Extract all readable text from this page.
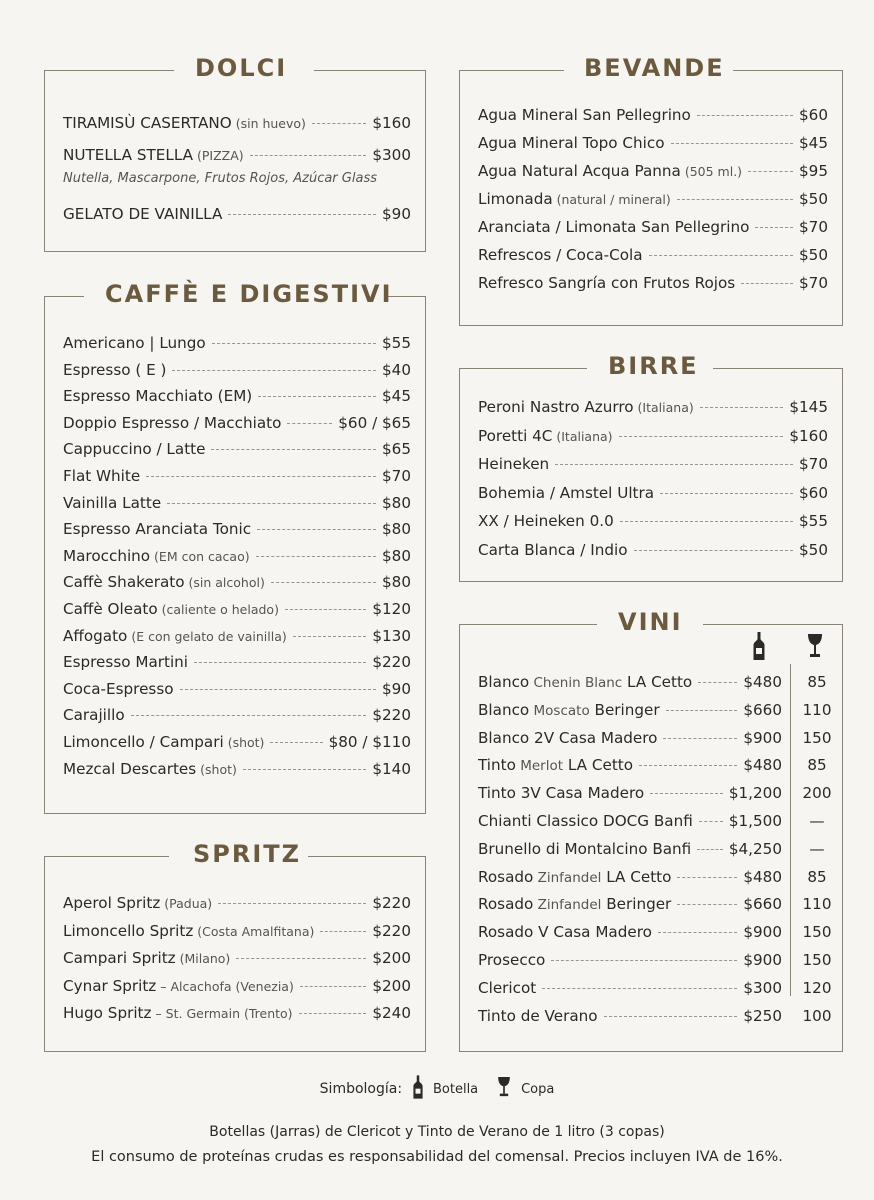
DOLCI
TIRAMISÙ CASERTANO (sin huevo)	$160
NUTELLA STELLA (PIZZA)	$300
Nutella, Mascarpone, Frutos Rojos, Azúcar Glass
GELATO DE VAINILLA	$90
CAFFÈ E DIGESTIVI
Americano | Lungo	$55
Espresso ( E )	$40
Espresso Macchiato (EM)	$45
Doppio Espresso / Macchiato	$60 / $65
Cappuccino / Latte	$65
Flat White	$70
Vainilla Latte	$80
Espresso Aranciata Tonic	$80
Marocchino (EM con cacao)	$80
Caffè Shakerato (sin alcohol)	$80
Caffè Oleato (caliente o helado)	$120
Affogato (E con gelato de vainilla)	$130
Espresso Martini	$220
Coca-Espresso	$90
Carajillo	$220
Limoncello / Campari (shot)	$80 / $110
Mezcal Descartes (shot)	$140
SPRITZ
Aperol Spritz (Padua)	$220
Limoncello Spritz (Costa Amalfitana)	$220
Campari Spritz (Milano)	$200
Cynar Spritz – Alcachofa (Venezia)	$200
Hugo Spritz – St. Germain (Trento)	$240
BEVANDE
Agua Mineral San Pellegrino	$60
Agua Mineral Topo Chico	$45
Agua Natural Acqua Panna (505 ml.)	$95
Limonada (natural / mineral)	$50
Aranciata / Limonata San Pellegrino	$70
Refrescos / Coca-Cola	$50
Refresco Sangría con Frutos Rojos	$70
BIRRE
Peroni Nastro Azurro (Italiana)	$145
Poretti 4C (Italiana)	$160
Heineken	$70
Bohemia / Amstel Ultra	$60
XX / Heineken 0.0	$55
Carta Blanca / Indio	$50
VINI
Blanco Chenin Blanc LA Cetto	$480	85
Blanco Moscato Beringer	$660	110
Blanco 2V Casa Madero	$900	150
Tinto Merlot LA Cetto	$480	85
Tinto 3V Casa Madero	$1,200	200
Chianti Classico DOCG Banfi $1,500	—
Brunello di Montalcino Banfi $4,250	—
Rosado Zinfandel LA Cetto	$480	85
Rosado Zinfandel Beringer	$660	110
Rosado V Casa Madero	$900	150
Prosecco	$900	150
Clericot	$300	120
Tinto de Verano	$250	100
Simbología: Botella	Copa
Botellas (Jarras) de Clericot y Tinto de Verano de 1 litro (3 copas)
El consumo de proteínas crudas es responsabilidad del comensal. Precios incluyen IVA de 16%.
